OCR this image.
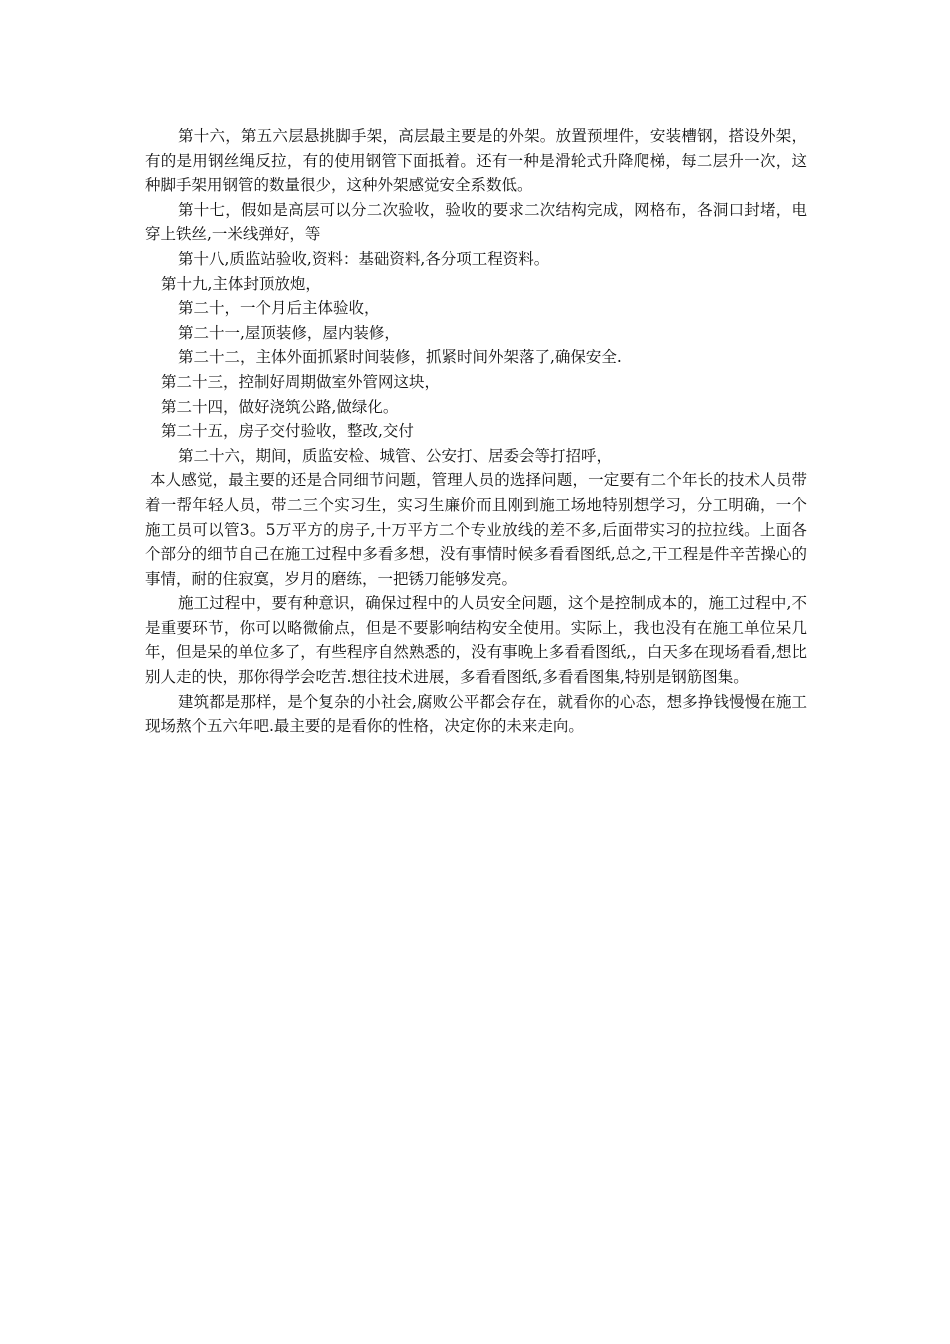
第十六，第五六层悬挑脚手架，高层最主要是的外架。放置预埋件，安装槽钢，搭设外架，有的是用钢丝绳反拉，有的使用钢管下面抵着。还有一种是滑轮式升降爬梯，每二层升一次，这种脚手架用钢管的数量很少，这种外架感觉安全系数低。

第十七，假如是高层可以分二次验收，验收的要求二次结构完成，网格布，各洞口封堵，电穿上铁丝,一米线弹好，等

第十八,质监站验收,资料：基础资料,各分项工程资料。

第十九,主体封顶放炮，

第二十，一个月后主体验收，

第二十一,屋顶装修，屋内装修，

第二十二，主体外面抓紧时间装修，抓紧时间外架落了,确保安全.

第二十三，控制好周期做室外管网这块，

第二十四，做好浇筑公路,做绿化。

第二十五，房子交付验收，整改,交付

第二十六，期间，质监安检、城管、公安打、居委会等打招呼，

本人感觉，最主要的还是合同细节问题，管理人员的选择问题，一定要有二个年长的技术人员带着一帮年轻人员，带二三个实习生，实习生廉价而且刚到施工场地特别想学习，分工明确，一个施工员可以管3。5万平方的房子,十万平方二个专业放线的差不多,后面带实习的拉拉线。上面各个部分的细节自己在施工过程中多看多想，没有事情时候多看看图纸,总之,干工程是件辛苦操心的事情，耐的住寂寞，岁月的磨练，一把锈刀能够发亮。

施工过程中，要有种意识，确保过程中的人员安全问题，这个是控制成本的，施工过程中,不是重要环节，你可以略微偷点，但是不要影响结构安全使用。实际上，我也没有在施工单位呆几年，但是呆的单位多了，有些程序自然熟悉的，没有事晚上多看看图纸,，白天多在现场看看,想比别人走的快，那你得学会吃苦.想往技术进展，多看看图纸,多看看图集,特别是钢筋图集。

建筑都是那样，是个复杂的小社会,腐败公平都会存在，就看你的心态，想多挣钱慢慢在施工现场熬个五六年吧.最主要的是看你的性格，决定你的未来走向。
